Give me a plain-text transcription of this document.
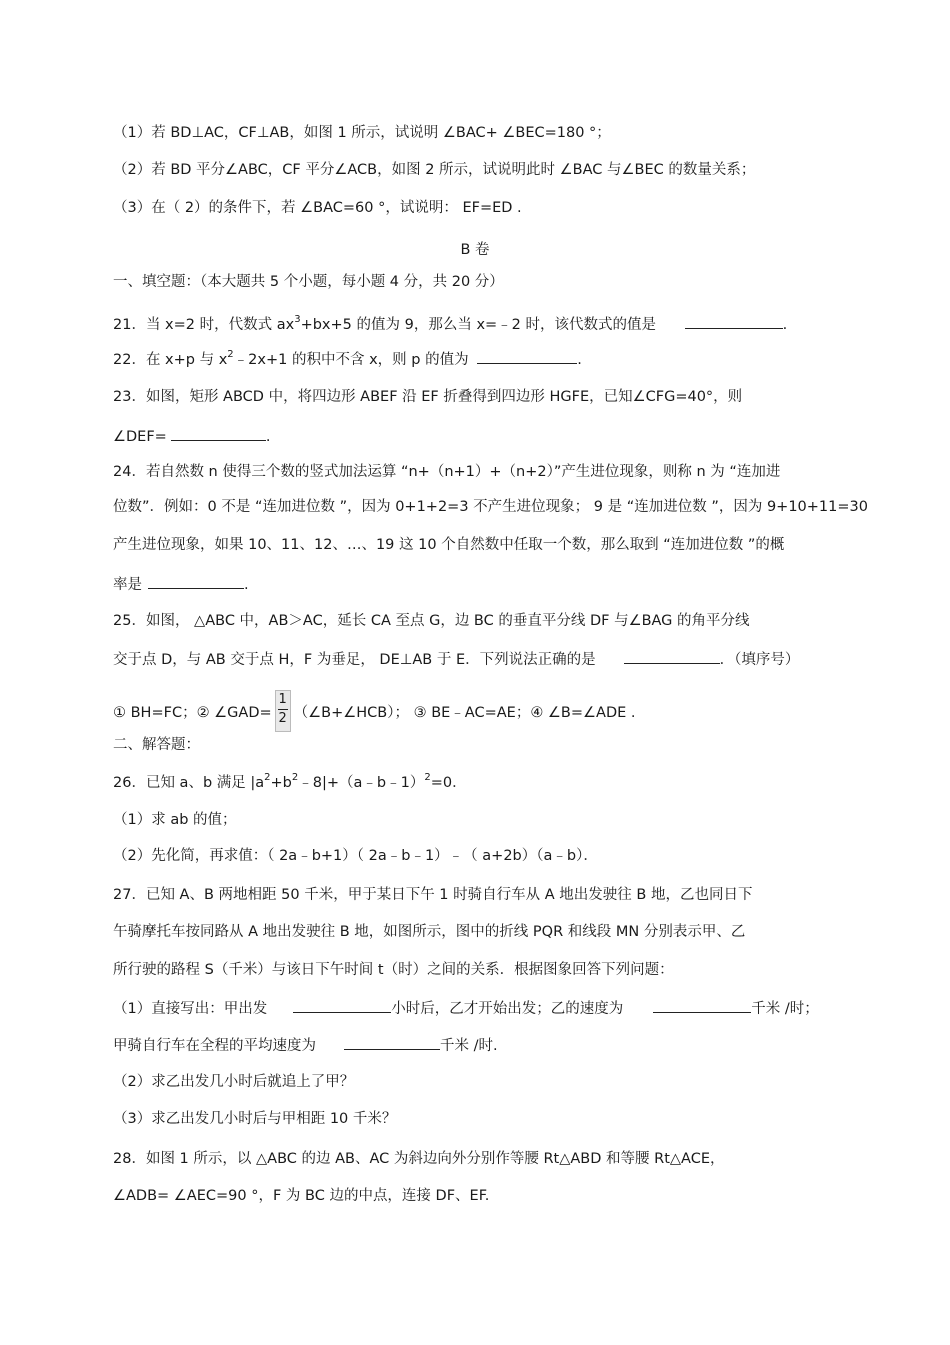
（1）若 BD⊥AC，CF⊥AB，如图 1 所示，试说明 ∠BAC+ ∠BEC=180 °；
（2）若 BD 平分∠ABC，CF 平分∠ACB，如图 2 所示，试说明此时 ∠BAC 与∠BEC 的数量关系；
（3）在（ 2）的条件下，若 ∠BAC=60 °，试说明： EF=ED .
B 卷
一、填空题：（本大题共 5 个小题，每小题 4 分，共 20 分）
21．当 x=2 时，代数式 $ax^3+bx+5$ 的值为 9，那么当 x=﹣2 时，该代数式的值是	.
22．在 x+p 与 $x^2﹣2x+1$ 的积中不含 x，则 p 的值为	.
23．如图，矩形 ABCD 中，将四边形 ABEF 沿 EF 折叠得到四边形 HGFE，已知∠CFG=40°，则
∠DEF=	.
24．若自然数 n 使得三个数的竖式加法运算 “n+（n+1）+（n+2）”产生进位现象，则称 n 为 “连加进
位数”．例如：0 不是 “连加进位数 ”，因为 0+1+2=3 不产生进位现象； 9 是 “连加进位数 ”，因为 9+10+11=30
产生进位现象，如果 10、11、12、…、19 这 10 个自然数中任取一个数，那么取到 “连加进位数 ”的概
率是	.
25．如图， △ABC 中，AB＞AC，延长 CA 至点 G，边 BC 的垂直平分线 DF 与∠BAG 的角平分线
交于点 D，与 AB 交于点 H，F 为垂足， DE⊥AB 于 E．下列说法正确的是	．（填序号）
① BH=FC；② ∠GAD= $\frac{1}{2}$ （∠B+∠HCB）； ③ BE﹣AC=AE；④ ∠B=∠ADE .
二、解答题：
26．已知 a、b 满足 $|a^2+b^2﹣8|+(a﹣b﹣1)^2=0$．
（1）求 ab 的值；
（2）先化简，再求值：（ 2a﹣b+1）（ 2a﹣b﹣1）﹣（ a+2b）（a﹣b）．
27．已知 A、B 两地相距 50 千米，甲于某日下午 1 时骑自行车从 A 地出发驶往 B 地，乙也同日下
午骑摩托车按同路从 A 地出发驶往 B 地，如图所示，图中的折线 PQR 和线段 MN 分别表示甲、乙
所行驶的路程 S（千米）与该日下午时间 t（时）之间的关系．根据图象回答下列问题：
（1）直接写出：甲出发	小时后，乙才开始出发；乙的速度为	千米 /时；
甲骑自行车在全程的平均速度为	千米 /时.
（2）求乙出发几小时后就追上了甲？
（3）求乙出发几小时后与甲相距 10 千米？
28．如图 1 所示，以 △ABC 的边 AB、AC 为斜边向外分别作等腰 Rt△ABD 和等腰 Rt△ACE，
∠ADB= ∠AEC=90 °，F 为 BC 边的中点，连接 DF、EF.
